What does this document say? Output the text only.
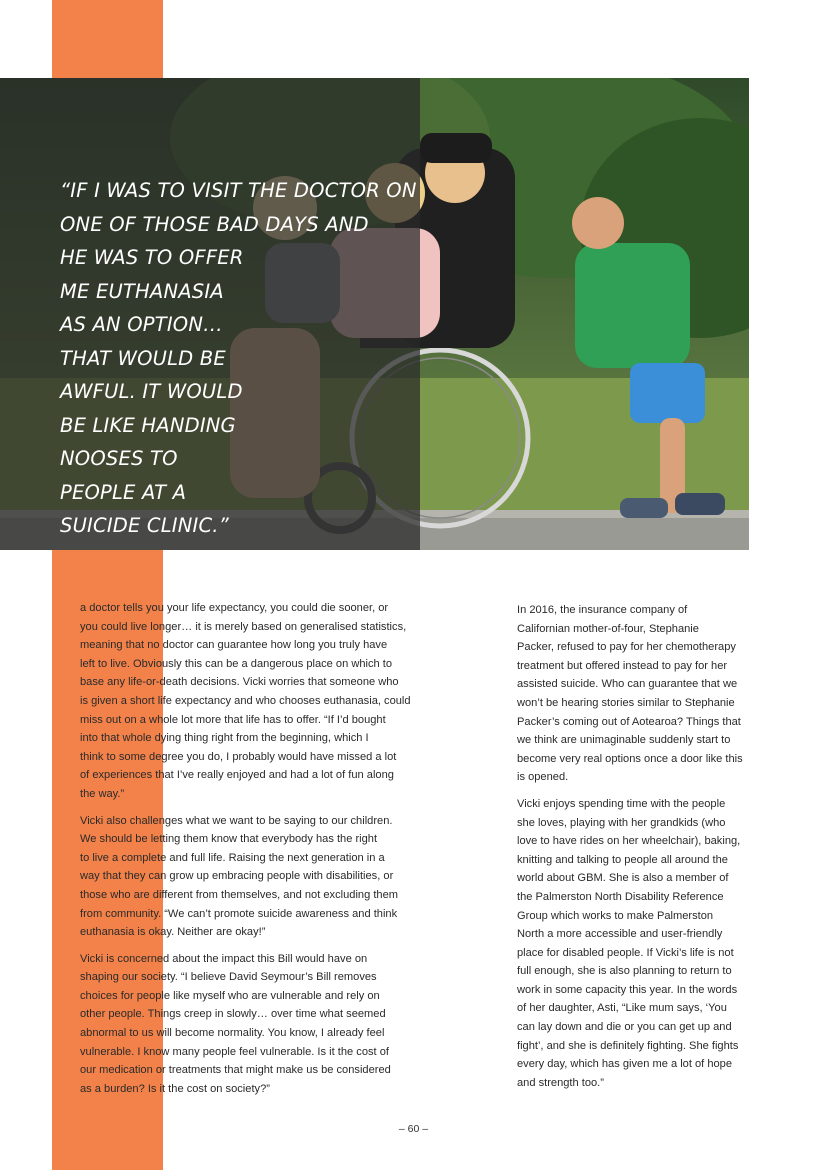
“IF I WAS TO VISIT THE DOCTOR ON
ONE OF THOSE BAD DAYS AND
HE WAS TO OFFER
ME EUTHANASIA
AS AN OPTION…
THAT WOULD BE
AWFUL. IT WOULD
BE LIKE HANDING
NOOSES TO
PEOPLE AT A
SUICIDE CLINIC.”

a doctor tells you your life expectancy, you could die sooner, or
you could live longer… it is merely based on generalised statistics,
meaning that no doctor can guarantee how long you truly have
left to live. Obviously this can be a dangerous place on which to
base any life-or-death decisions. Vicki worries that someone who
is given a short life expectancy and who chooses euthanasia, could
miss out on a whole lot more that life has to offer. “If I’d bought
into that whole dying thing right from the beginning, which I
think to some degree you do, I probably would have missed a lot
of experiences that I’ve really enjoyed and had a lot of fun along
the way.”

Vicki also challenges what we want to be saying to our children.
We should be letting them know that everybody has the right
to live a complete and full life. Raising the next generation in a
way that they can grow up embracing people with disabilities, or
those who are different from themselves, and not excluding them
from community. “We can’t promote suicide awareness and think
euthanasia is okay. Neither are okay!”

Vicki is concerned about the impact this Bill would have on
shaping our society. “I believe David Seymour’s Bill removes
choices for people like myself who are vulnerable and rely on
other people. Things creep in slowly… over time what seemed
abnormal to us will become normality. You know, I already feel
vulnerable. I know many people feel vulnerable. Is it the cost of
our medication or treatments that might make us be considered
as a burden? Is it the cost on society?”

In 2016, the insurance company of
Californian mother-of-four, Stephanie
Packer, refused to pay for her chemotherapy
treatment but offered instead to pay for her
assisted suicide. Who can guarantee that we
won’t be hearing stories similar to Stephanie
Packer’s coming out of Aotearoa? Things that
we think are unimaginable suddenly start to
become very real options once a door like this
is opened.

Vicki enjoys spending time with the people
she loves, playing with her grandkids (who
love to have rides on her wheelchair), baking,
knitting and talking to people all around the
world about GBM. She is also a member of
the Palmerston North Disability Reference
Group which works to make Palmerston
North a more accessible and user-friendly
place for disabled people. If Vicki’s life is not
full enough, she is also planning to return to
work in some capacity this year. In the words
of her daughter, Asti, “Like mum says, ‘You
can lay down and die or you can get up and
fight’, and she is definitely fighting. She fights
every day, which has given me a lot of hope
and strength too.”

– 60 –
